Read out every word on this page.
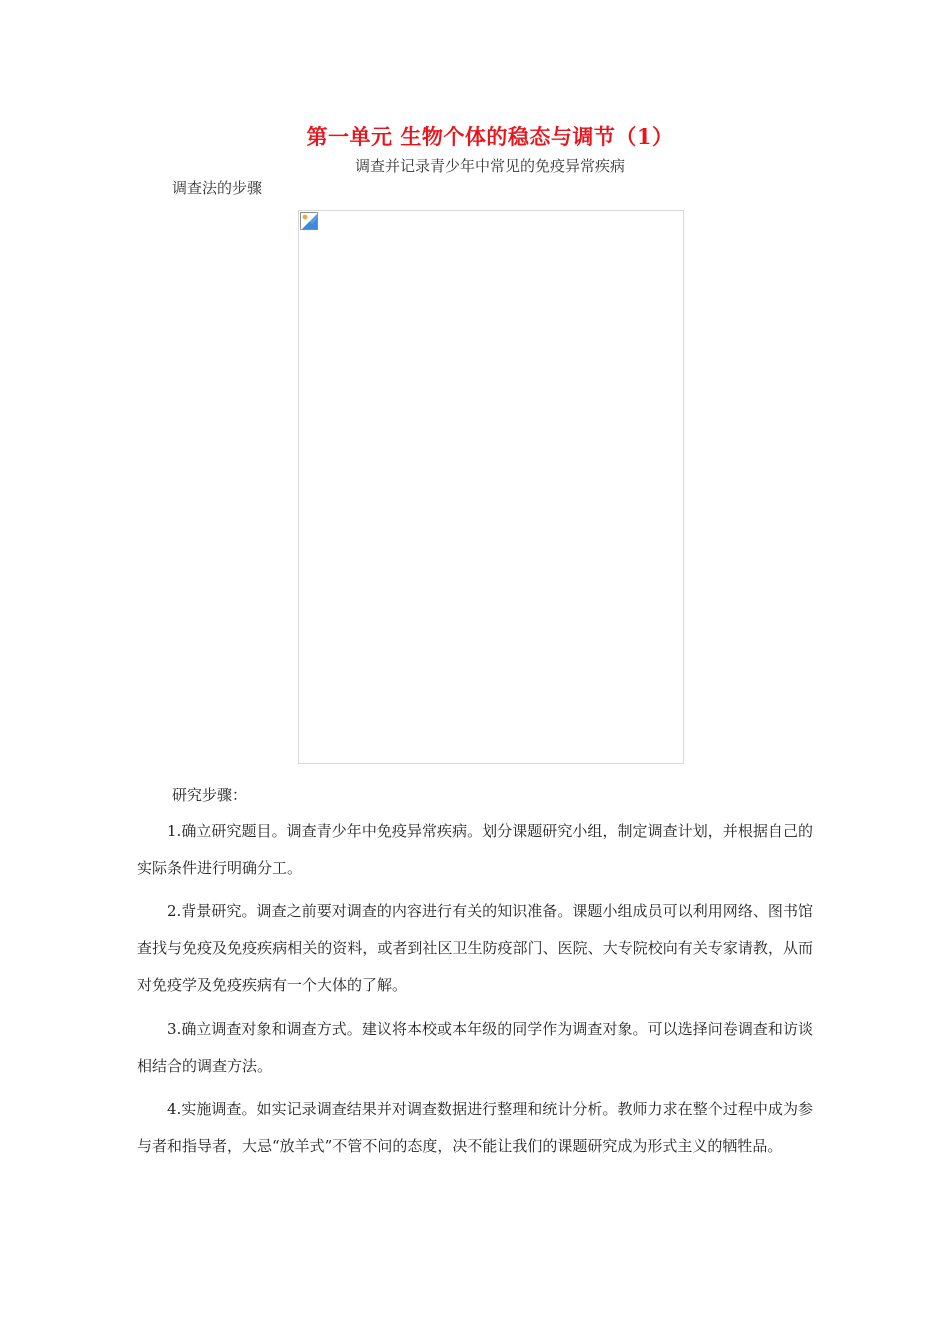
第一单元 生物个体的稳态与调节（1）
调查并记录青少年中常见的免疫异常疾病
调查法的步骤
研究步骤：

1.确立研究题目。调查青少年中免疫异常疾病。划分课题研究小组，制定调查计划，并根据自己的实际条件进行明确分工。

2.背景研究。调查之前要对调查的内容进行有关的知识准备。课题小组成员可以利用网络、图书馆查找与免疫及免疫疾病相关的资料，或者到社区卫生防疫部门、医院、大专院校向有关专家请教，从而对免疫学及免疫疾病有一个大体的了解。

3.确立调查对象和调查方式。建议将本校或本年级的同学作为调查对象。可以选择问卷调查和访谈相结合的调查方法。

4.实施调查。如实记录调查结果并对调查数据进行整理和统计分析。教师力求在整个过程中成为参与者和指导者，大忌“放羊式”不管不问的态度，决不能让我们的课题研究成为形式主义的牺牲品。
